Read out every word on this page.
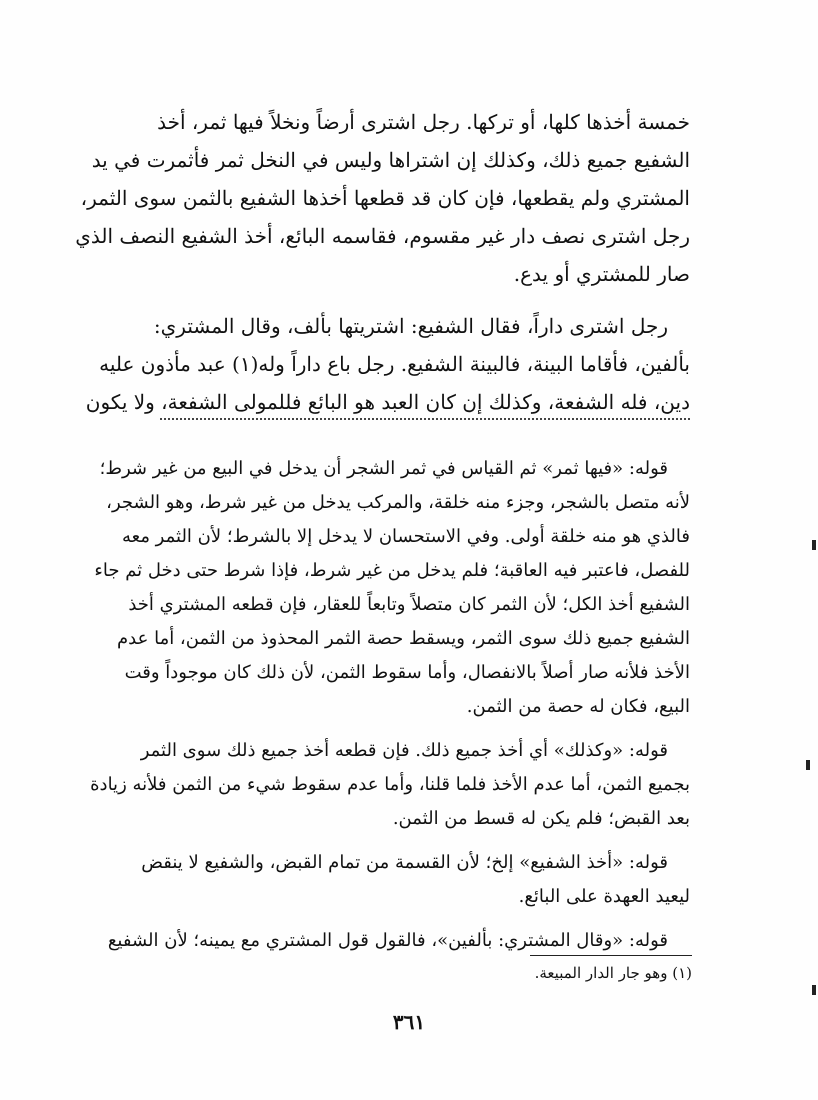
خمسة أخذها كلها، أو تركها. رجل اشترى أرضاً ونخلاً فيها ثمر، أخذ
الشفيع جميع ذلك، وكذلك إن اشتراها وليس في النخل ثمر فأثمرت في يد
المشتري ولم يقطعها، فإن كان قد قطعها أخذها الشفيع بالثمن سوى الثمر،
رجل اشترى نصف دار غير مقسوم، فقاسمه البائع، أخذ الشفيع النصف الذي
صار للمشتري أو يدع.
رجل اشترى داراً، فقال الشفيع: اشتريتها بألف، وقال المشتري:
بألفين، فأقاما البينة، فالبينة الشفيع. رجل باع داراً وله(١) عبد مأذون عليه
دين، فله الشفعة، وكذلك إن كان العبد هو البائع فللمولى الشفعة، ولا يكون
قوله: «فيها ثمر» ثم القياس في ثمر الشجر أن يدخل في البيع من غير شرط؛
لأنه متصل بالشجر، وجزء منه خلقة، والمركب يدخل من غير شرط، وهو الشجر،
فالذي هو منه خلقة أولى. وفي الاستحسان لا يدخل إلا بالشرط؛ لأن الثمر معه
للفصل، فاعتبر فيه العاقبة؛ فلم يدخل من غير شرط، فإذا شرط حتى دخل ثم جاء
الشفيع أخذ الكل؛ لأن الثمر كان متصلاً وتابعاً للعقار، فإن قطعه المشتري أخذ
الشفيع جميع ذلك سوى الثمر، ويسقط حصة الثمر المحذوذ من الثمن، أما عدم
الأخذ فلأنه صار أصلاً بالانفصال، وأما سقوط الثمن، لأن ذلك كان موجوداً وقت
البيع، فكان له حصة من الثمن.
قوله: «وكذلك» أي أخذ جميع ذلك. فإن قطعه أخذ جميع ذلك سوى الثمر
بجميع الثمن، أما عدم الأخذ فلما قلنا، وأما عدم سقوط شيء من الثمن فلأنه زيادة
بعد القبض؛ فلم يكن له قسط من الثمن.
قوله: «أخذ الشفيع» إلخ؛ لأن القسمة من تمام القبض، والشفيع لا ينقض
ليعيد العهدة على البائع.
قوله: «وقال المشتري: بألفين»، فالقول قول المشتري مع يمينه؛ لأن الشفيع
(١) وهو جار الدار المبيعة.
٣٦١
